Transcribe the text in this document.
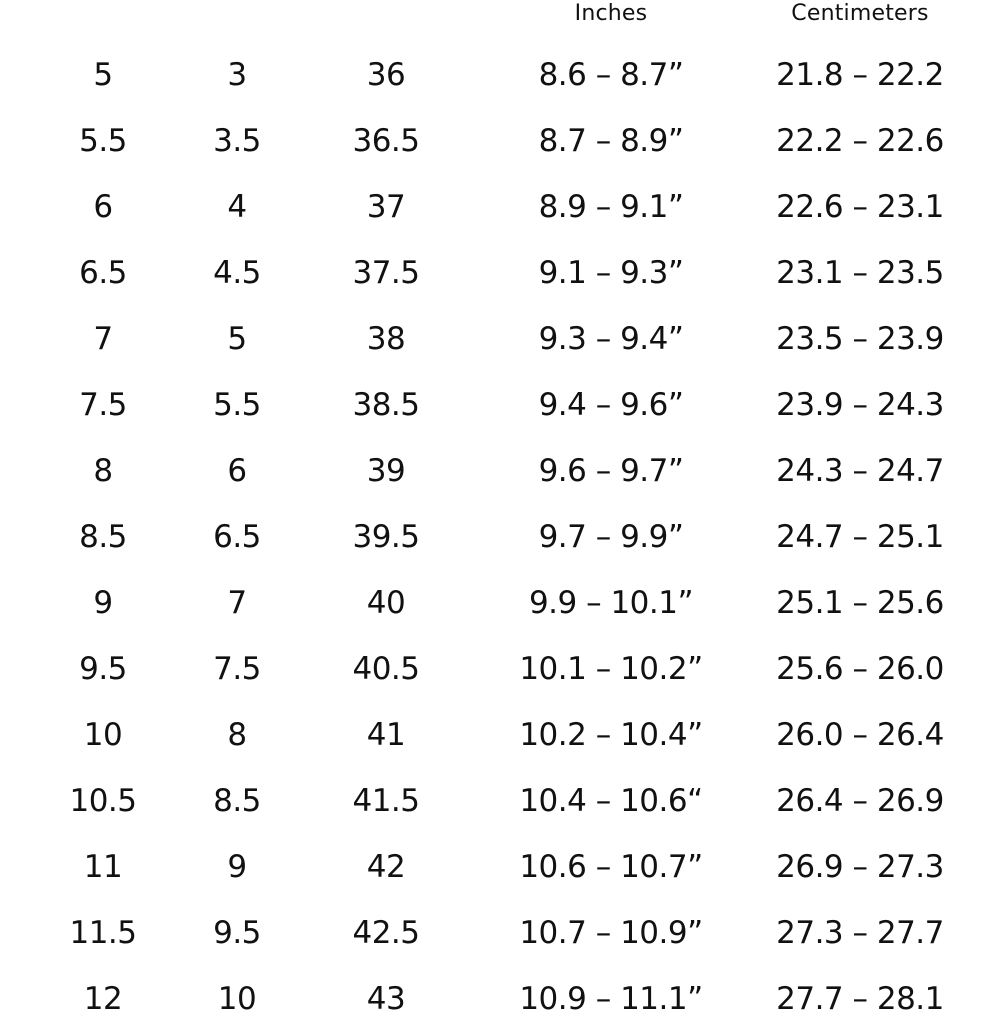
Inches	Centimeters
5	3	36	8.6 – 8.7”	21.8 – 22.2
5.5	3.5	36.5	8.7 – 8.9”	22.2 – 22.6
6	4	37	8.9 – 9.1”	22.6 – 23.1
6.5	4.5	37.5	9.1 – 9.3”	23.1 – 23.5
7	5	38	9.3 – 9.4”	23.5 – 23.9
7.5	5.5	38.5	9.4 – 9.6”	23.9 – 24.3
8	6	39	9.6 – 9.7”	24.3 – 24.7
8.5	6.5	39.5	9.7 – 9.9”	24.7 – 25.1
9	7	40	9.9 – 10.1”	25.1 – 25.6
9.5	7.5	40.5	10.1 – 10.2” 25.6 – 26.0
10	8	41	10.2 – 10.4” 26.0 – 26.4
10.5 8.5	41.5	10.4 – 10.6“ 26.4 – 26.9
11	9	42	10.6 – 10.7” 26.9 – 27.3
11.5 9.5	42.5	10.7 – 10.9” 27.3 – 27.7
12	10	43	10.9 – 11.1” 27.7 – 28.1
